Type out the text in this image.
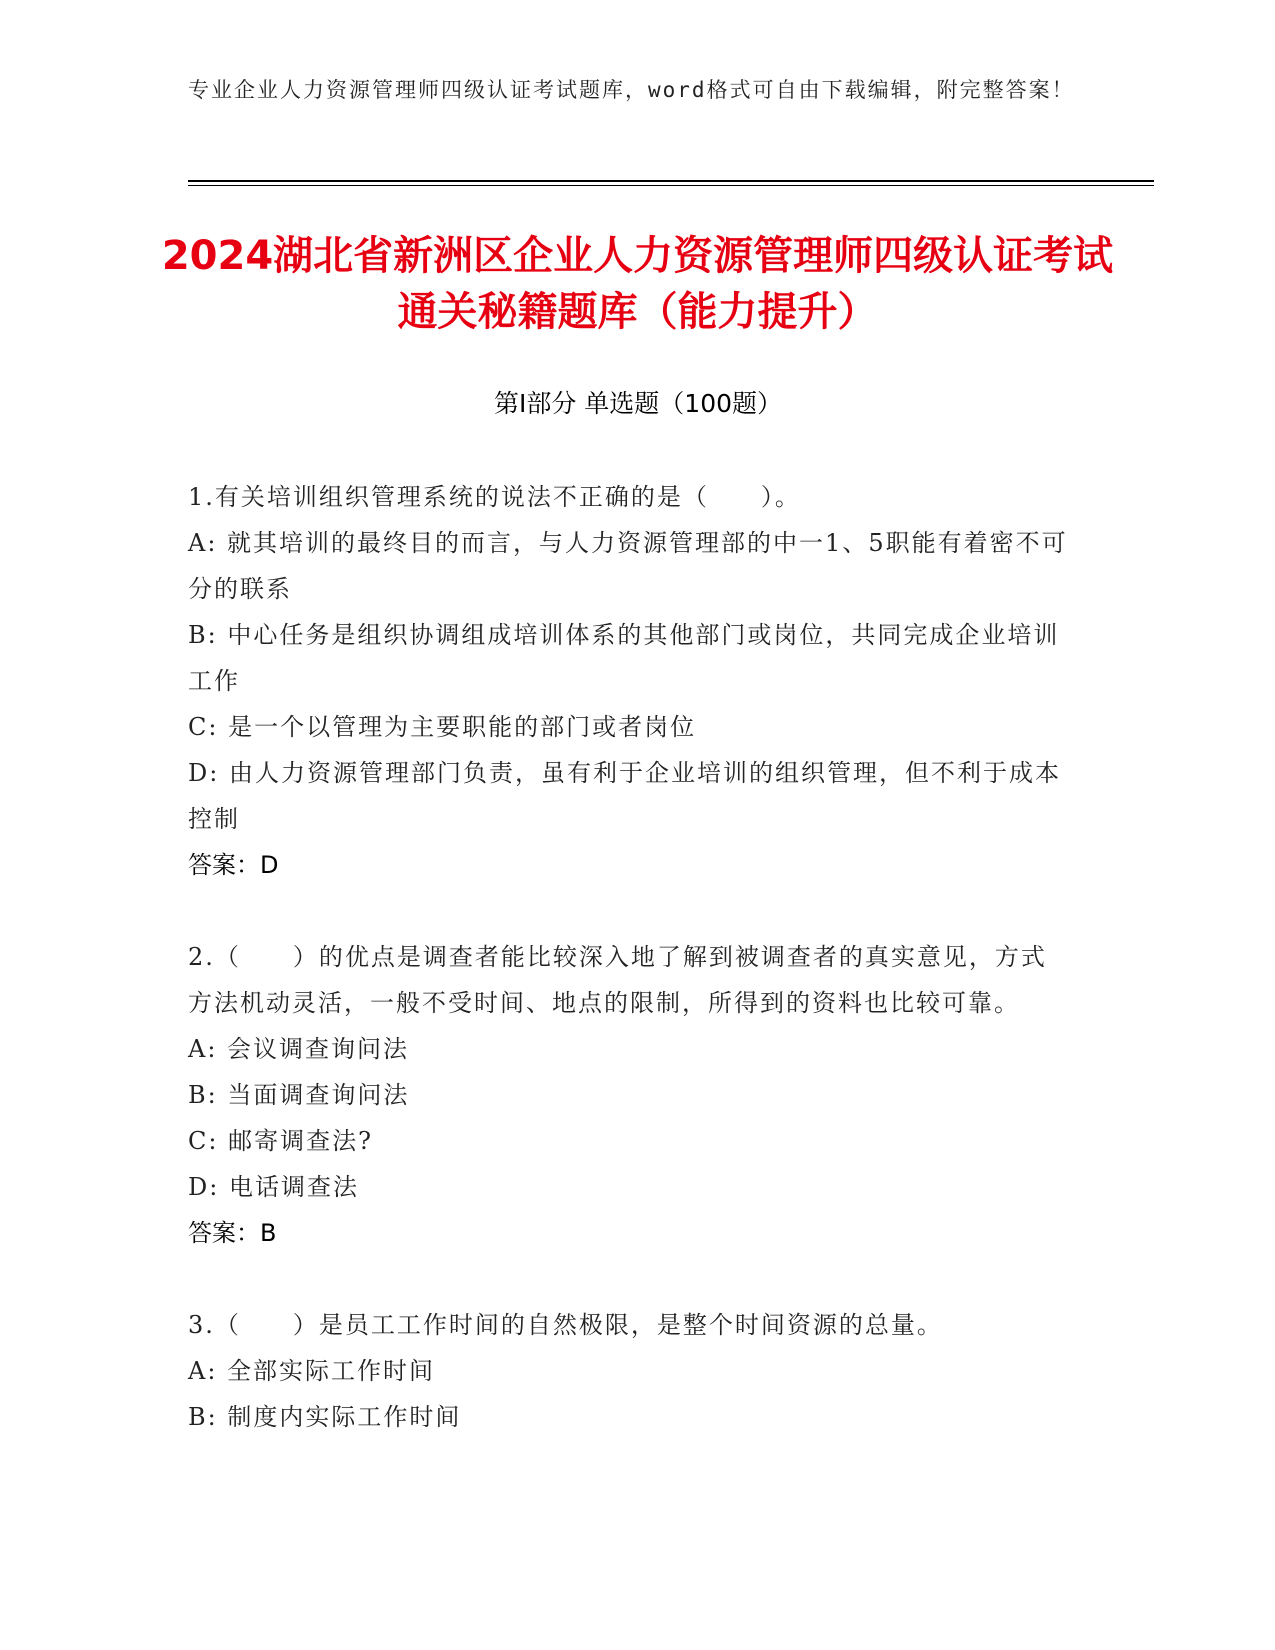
专业企业人力资源管理师四级认证考试题库，word格式可自由下载编辑，附完整答案！
2024湖北省新洲区企业人力资源管理师四级认证考试通关秘籍题库（能力提升）
第Ⅰ部分 单选题（100题）

1.有关培训组织管理系统的说法不正确的是（　　）。

A: 就其培训的最终目的而言，与人力资源管理部的中一1、5职能有着密不可分的联系

B: 中心任务是组织协调组成培训体系的其他部门或岗位，共同完成企业培训工作

C: 是一个以管理为主要职能的部门或者岗位

D: 由人力资源管理部门负责，虽有利于企业培训的组织管理，但不利于成本控制

答案：D

2.（　　）的优点是调查者能比较深入地了解到被调查者的真实意见，方式方法机动灵活，一般不受时间、地点的限制，所得到的资料也比较可靠。

A: 会议调查询问法

B: 当面调查询问法

C: 邮寄调查法?

D: 电话调查法

答案：B

3.（　　）是员工工作时间的自然极限，是整个时间资源的总量。

A: 全部实际工作时间

B: 制度内实际工作时间
